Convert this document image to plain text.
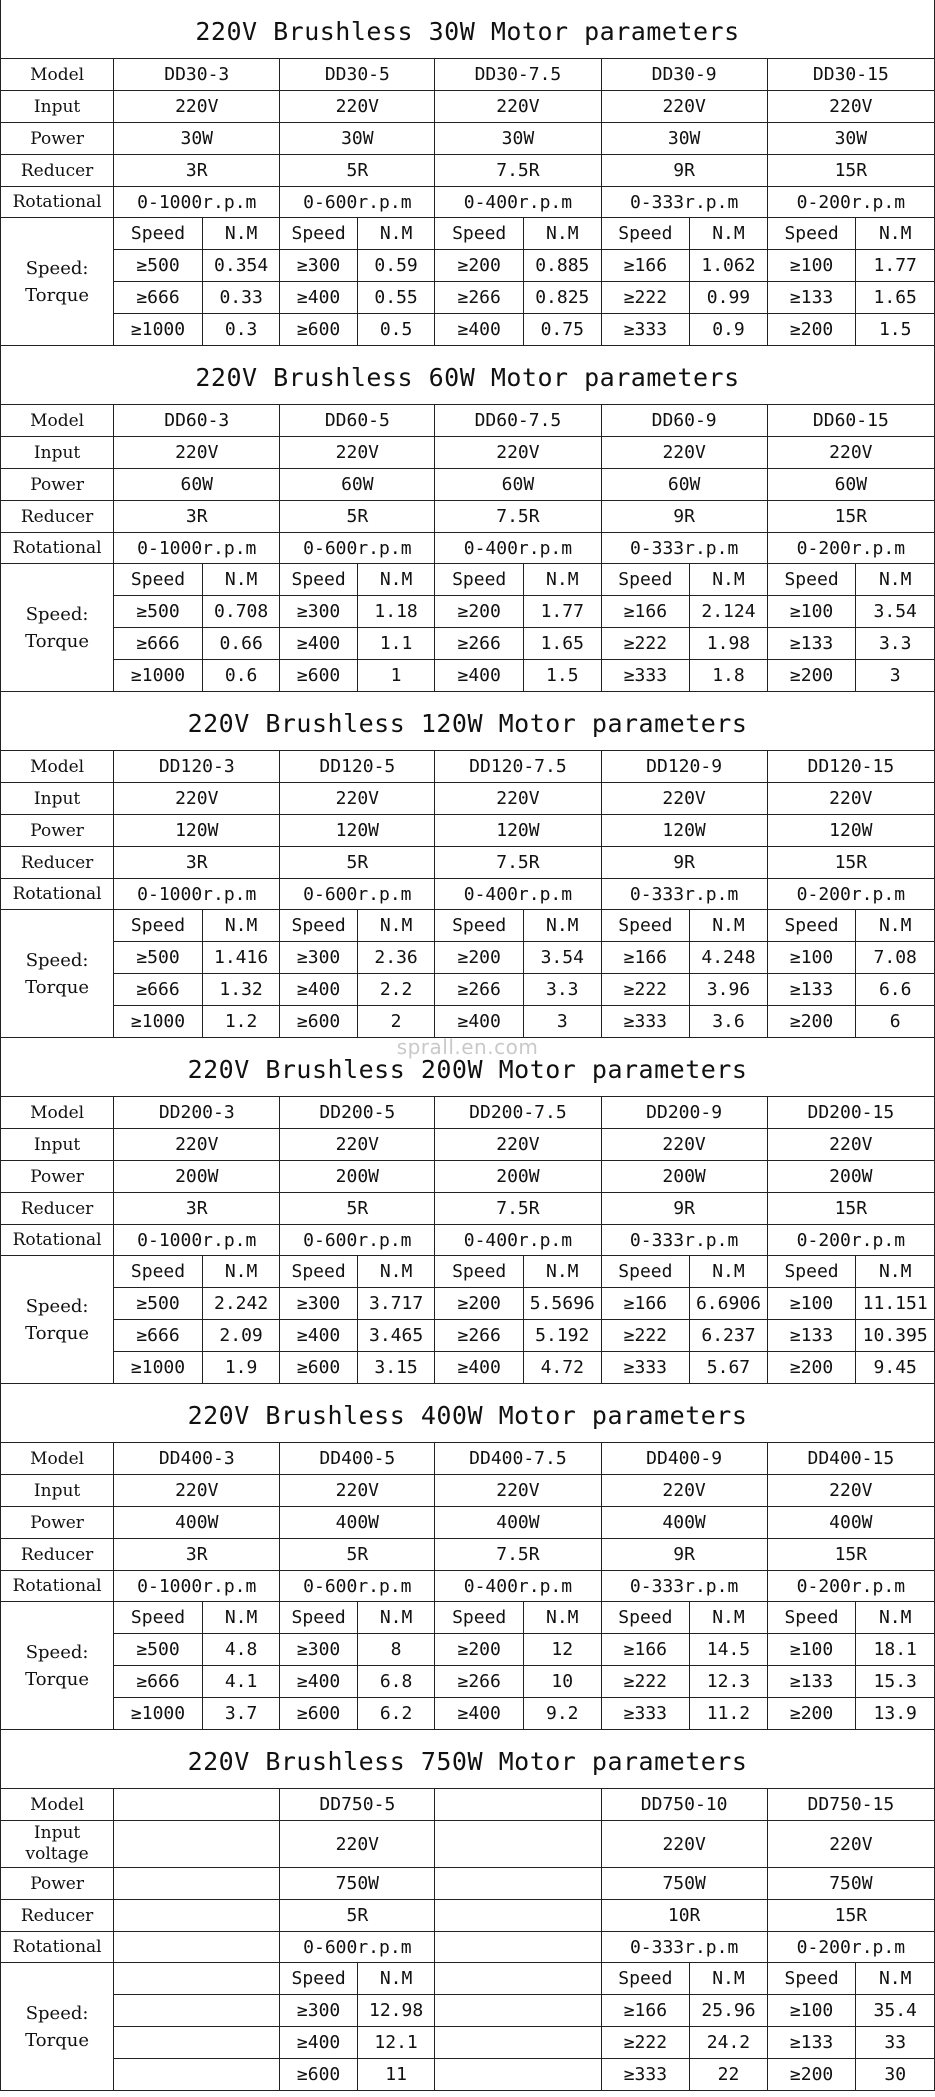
220V Brushless 30W Motor parameters
Model	DD30-3		DD30-5		DD30-7.5		DD30-9		DD30-15	
Input	220V		220V		220V		220V		220V	
Power	30W		30W		30W		30W		30W	
Reducer	3R		5R		7.5R		9R		15R	
Rotational	0-1000r.p.m		0-600r.p.m		0-400r.p.m		0-333r.p.m		0-200r.p.m	
Speed:
Torque	Speed	N.M	Speed	N.M	Speed	N.M	Speed	N.M	Speed	N.M
	≥500	0.354	≥300	0.59	≥200	0.885	≥166	1.062	≥100	1.77
	≥666	0.33	≥400	0.55	≥266	0.825	≥222	0.99	≥133	1.65
	≥1000	0.3	≥600	0.5	≥400	0.75	≥333	0.9	≥200	1.5
220V Brushless 60W Motor parameters
Model	DD60-3		DD60-5		DD60-7.5		DD60-9		DD60-15	
Input	220V		220V		220V		220V		220V	
Power	60W		60W		60W		60W		60W	
Reducer	3R		5R		7.5R		9R		15R	
Rotational	0-1000r.p.m		0-600r.p.m		0-400r.p.m		0-333r.p.m		0-200r.p.m	
Speed:
Torque	Speed	N.M	Speed	N.M	Speed	N.M	Speed	N.M	Speed	N.M
	≥500	0.708	≥300	1.18	≥200	1.77	≥166	2.124	≥100	3.54
	≥666	0.66	≥400	1.1	≥266	1.65	≥222	1.98	≥133	3.3
	≥1000	0.6	≥600	1	≥400	1.5	≥333	1.8	≥200	3
220V Brushless 120W Motor parameters
Model	DD120-3		DD120-5		DD120-7.5		DD120-9		DD120-15	
Input	220V		220V		220V		220V		220V	
Power	120W		120W		120W		120W		120W	
Reducer	3R		5R		7.5R		9R		15R	
Rotational	0-1000r.p.m		0-600r.p.m		0-400r.p.m		0-333r.p.m		0-200r.p.m	
Speed:
Torque	Speed	N.M	Speed	N.M	Speed	N.M	Speed	N.M	Speed	N.M
	≥500	1.416	≥300	2.36	≥200	3.54	≥166	4.248	≥100	7.08
	≥666	1.32	≥400	2.2	≥266	3.3	≥222	3.96	≥133	6.6
	≥1000	1.2	≥600	2	≥400	3	≥333	3.6	≥200	6
220V Brushless 200W Motor parameters
Model	DD200-3		DD200-5		DD200-7.5		DD200-9		DD200-15	
Input	220V		220V		220V		220V		220V	
Power	200W		200W		200W		200W		200W	
Reducer	3R		5R		7.5R		9R		15R	
Rotational	0-1000r.p.m		0-600r.p.m		0-400r.p.m		0-333r.p.m		0-200r.p.m	
Speed:
Torque	Speed	N.M	Speed	N.M	Speed	N.M	Speed	N.M	Speed	N.M
	≥500	2.242	≥300	3.717	≥200	5.5696	≥166	6.6906	≥100	11.151
	≥666	2.09	≥400	3.465	≥266	5.192	≥222	6.237	≥133	10.395
	≥1000	1.9	≥600	3.15	≥400	4.72	≥333	5.67	≥200	9.45
220V Brushless 400W Motor parameters
Model	DD400-3		DD400-5		DD400-7.5		DD400-9		DD400-15	
Input	220V		220V		220V		220V		220V	
Power	400W		400W		400W		400W		400W	
Reducer	3R		5R		7.5R		9R		15R	
Rotational	0-1000r.p.m		0-600r.p.m		0-400r.p.m		0-333r.p.m		0-200r.p.m	
Speed:
Torque	Speed	N.M	Speed	N.M	Speed	N.M	Speed	N.M	Speed	N.M
	≥500	4.8	≥300	8	≥200	12	≥166	14.5	≥100	18.1
	≥666	4.1	≥400	6.8	≥266	10	≥222	12.3	≥133	15.3
	≥1000	3.7	≥600	6.2	≥400	9.2	≥333	11.2	≥200	13.9
220V Brushless 750W Motor parameters
Model		DD750-5			DD750-10		DD750-15	
Input voltage		220V			220V		220V	
Power		750W			750W		750W	
Reducer		5R			10R		15R	
Rotational		0-600r.p.m			0-333r.p.m		0-200r.p.m	
Speed:
Torque		Speed	N.M		Speed	N.M	Speed	N.M
		≥300	12.98		≥166	25.96	≥100	35.4
		≥400	12.1		≥222	24.2	≥133	33
		≥600	11		≥333	22	≥200	30
sprall.en.com
